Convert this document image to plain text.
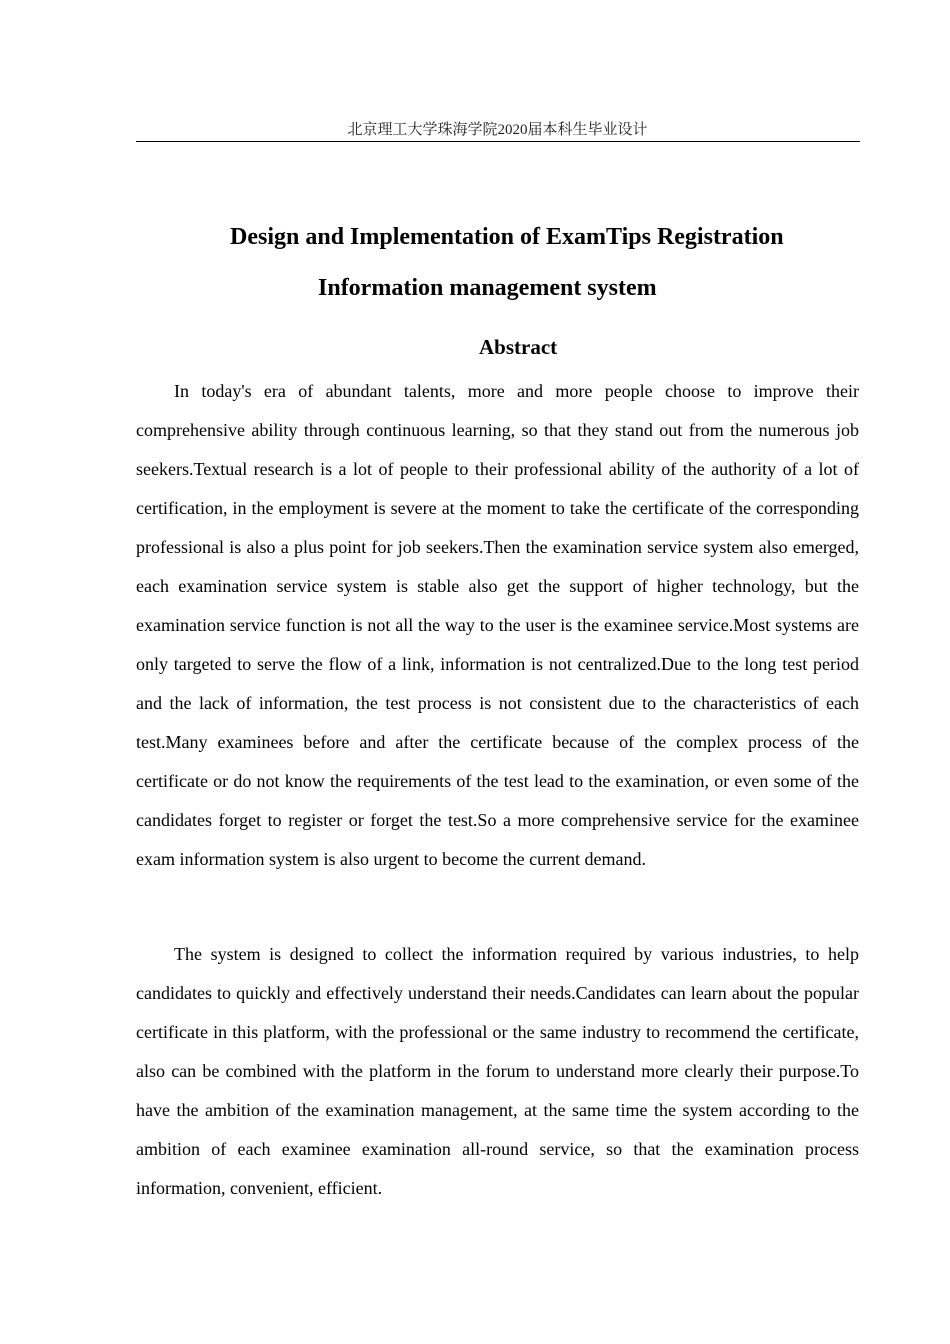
北京理工大学珠海学院2020届本科生毕业设计
Design and Implementation of ExamTips Registration
Information management system
Abstract

In today's era of abundant talents, more and more people choose to improve their comprehensive ability through continuous learning, so that they stand out from the numerous job seekers.Textual research is a lot of people to their professional ability of the authority of a lot of certification, in the employment is severe at the moment to take the certificate of the corresponding professional is also a plus point for job seekers.Then the examination service system also emerged, each examination service system is stable also get the support of higher technology, but the examination service function is not all the way to the user is the examinee service.Most systems are only targeted to serve the flow of a link, information is not centralized.Due to the long test period and the lack of information, the test process is not consistent due to the characteristics of each test.Many examinees before and after the certificate because of the complex process of the certificate or do not know the requirements of the test lead to the examination, or even some of the candidates forget to register or forget the test.So a more comprehensive service for the examinee exam information system is also urgent to become the current demand.

The system is designed to collect the information required by various industries, to help candidates to quickly and effectively understand their needs.Candidates can learn about the popular certificate in this platform, with the professional or the same industry to recommend the certificate, also can be combined with the platform in the forum to understand more clearly their purpose.To have the ambition of the examination management, at the same time the system according to the ambition of each examinee examination all-round service, so that the examination process information, convenient, efficient.
